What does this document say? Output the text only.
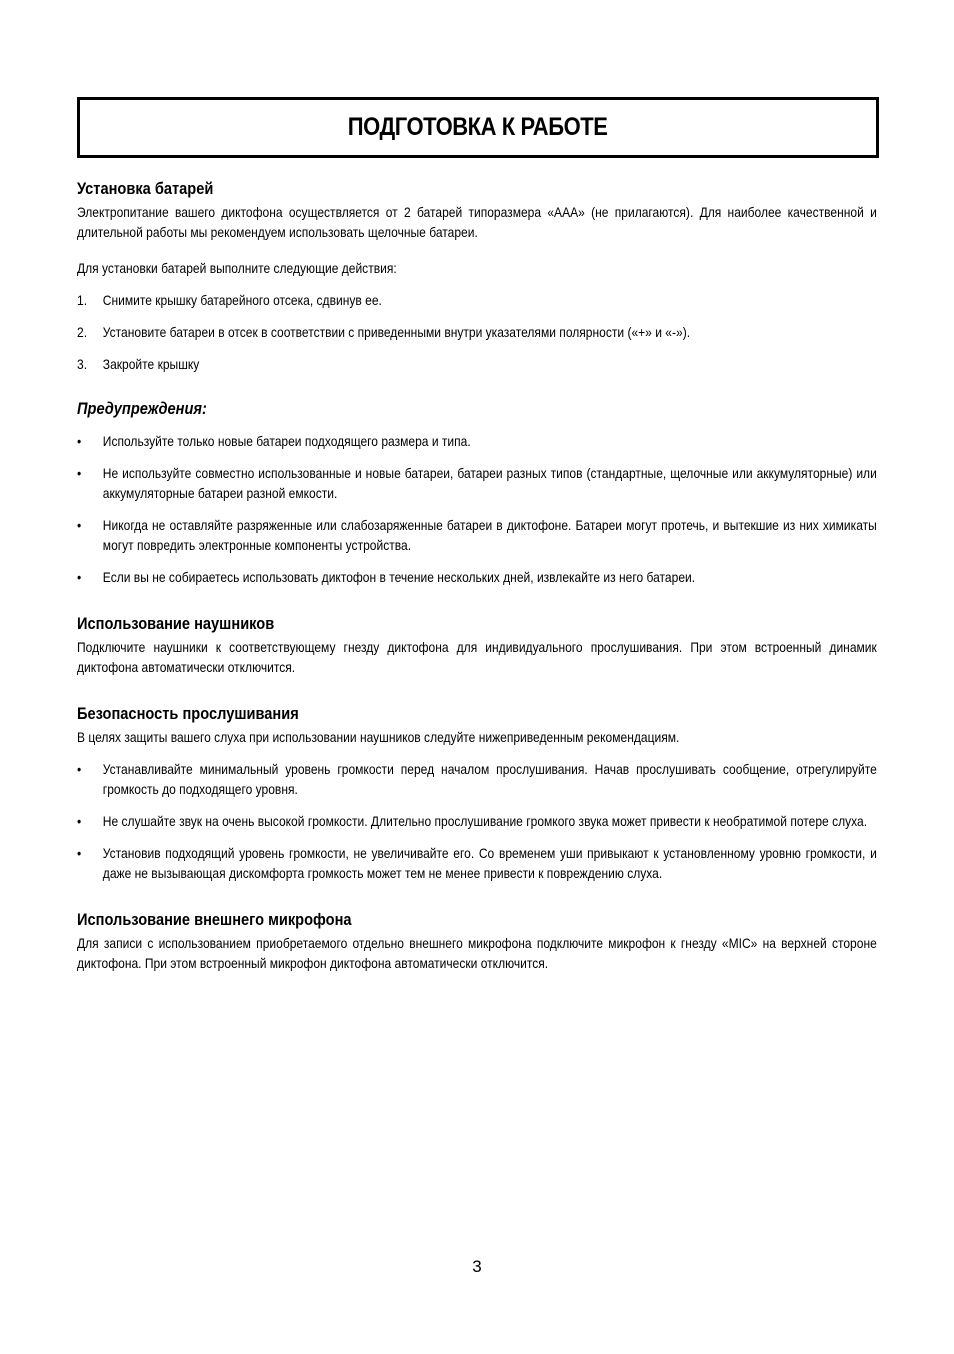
ПОДГОТОВКА К РАБОТЕ
Установка батарей

Электропитание вашего диктофона осуществляется от 2 батарей типоразмера «ААА» (не прилагаются). Для наиболее качественной и длительной работы мы рекомендуем использовать щелочные батареи.

Для установки батарей выполните следующие действия:

1.	Снимите крышку батарейного отсека, сдвинув ее.
2.	Установите батареи в отсек в соответствии с приведенными внутри указателями полярности («+» и «-»).
3.	Закройте крышку
Предупреждения:
•	Используйте только новые батареи подходящего размера и типа.
•	Не используйте совместно использованные и новые батареи, батареи разных типов (стандартные, щелочные или аккумуляторные) или аккумуляторные батареи разной емкости.
•	Никогда не оставляйте разряженные или слабозаряженные батареи в диктофоне. Батареи могут протечь, и вытекшие из них химикаты могут повредить электронные компоненты устройства.
•	Если вы не собираетесь использовать диктофон в течение нескольких дней, извлекайте из него батареи.
Использование наушников

Подключите наушники к соответствующему гнезду диктофона для индивидуального прослушивания. При этом встроенный динамик диктофона автоматически отключится.

Безопасность прослушивания

В целях защиты вашего слуха при использовании наушников следуйте нижеприведенным рекомендациям.

•	Устанавливайте минимальный уровень громкости перед началом прослушивания. Начав прослушивать сообщение, отрегулируйте громкость до подходящего уровня.
•	Не слушайте звук на очень высокой громкости. Длительно прослушивание громкого звука может привести к необратимой потере слуха.
•	Установив подходящий уровень громкости, не увеличивайте его. Со временем уши привыкают к установленному уровню громкости, и даже не вызывающая дискомфорта громкость может тем не менее привести к повреждению слуха.
Использование внешнего микрофона

Для записи с использованием приобретаемого отдельно внешнего микрофона подключите микрофон к гнезду «MIC» на верхней стороне диктофона. При этом встроенный микрофон диктофона автоматически отключится.

3
